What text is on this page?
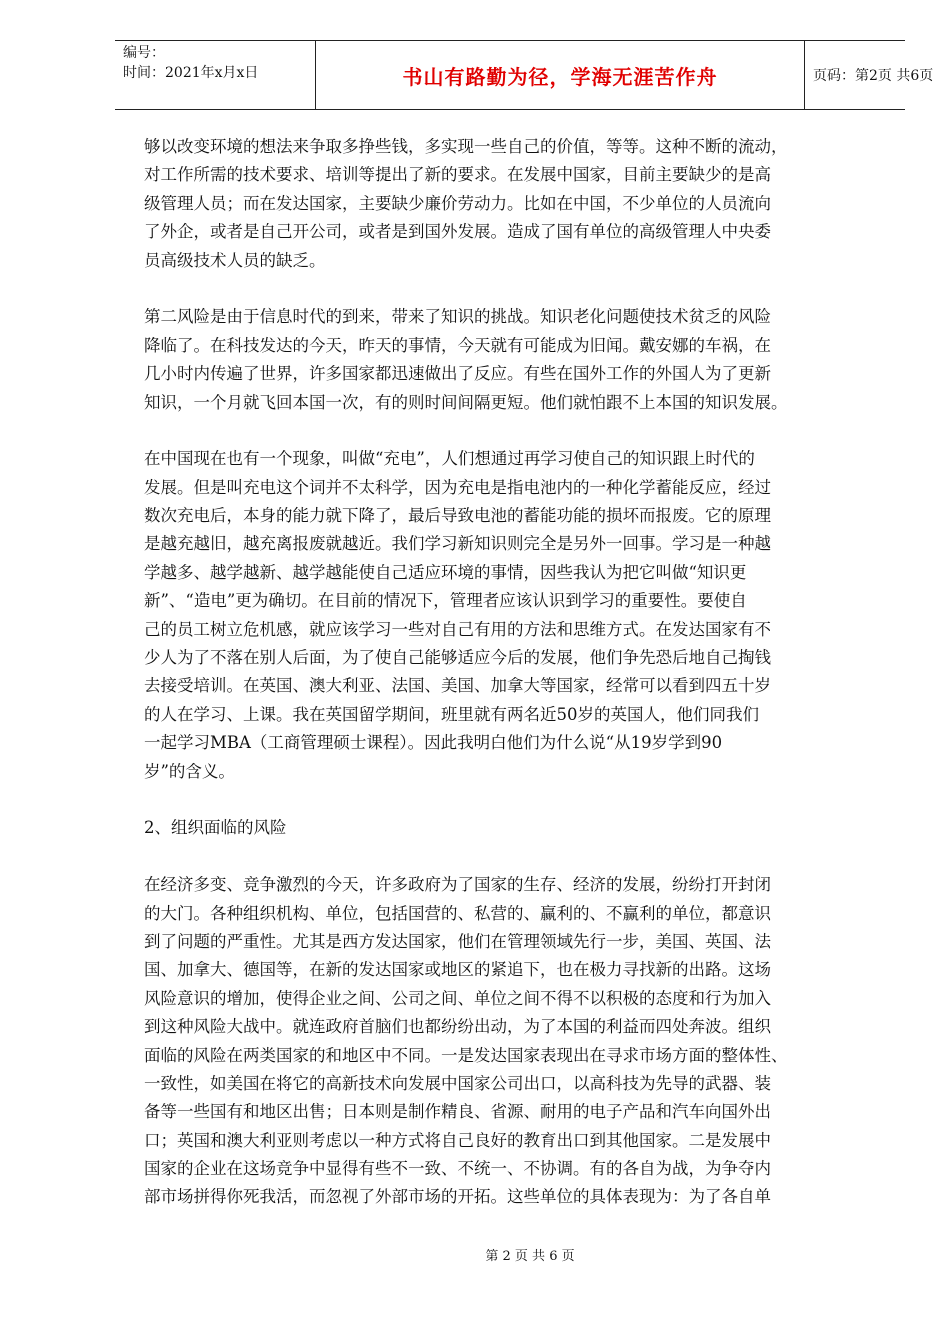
编号：
时间：2021年x月x日	书山有路勤为径，学海无涯苦作舟	页码：第2页 共6页
够以改变环境的想法来争取多挣些钱，多实现一些自己的价值，等等。这种不断的流动，
对工作所需的技术要求、培训等提出了新的要求。在发展中国家，目前主要缺少的是高
级管理人员；而在发达国家，主要缺少廉价劳动力。比如在中国，不少单位的人员流向
了外企，或者是自己开公司，或者是到国外发展。造成了国有单位的高级管理人中央委
员高级技术人员的缺乏。
第二风险是由于信息时代的到来，带来了知识的挑战。知识老化问题使技术贫乏的风险
降临了。在科技发达的今天，昨天的事情，今天就有可能成为旧闻。戴安娜的车祸，在
几小时内传遍了世界，许多国家都迅速做出了反应。有些在国外工作的外国人为了更新
知识，一个月就飞回本国一次，有的则时间间隔更短。他们就怕跟不上本国的知识发展。
在中国现在也有一个现象，叫做“充电”，人们想通过再学习使自己的知识跟上时代的
发展。但是叫充电这个词并不太科学，因为充电是指电池内的一种化学蓄能反应，经过
数次充电后，本身的能力就下降了，最后导致电池的蓄能功能的损坏而报废。它的原理
是越充越旧，越充离报废就越近。我们学习新知识则完全是另外一回事。学习是一种越
学越多、越学越新、越学越能使自己适应环境的事情，因些我认为把它叫做“知识更
新”、“造电”更为确切。在目前的情况下，管理者应该认识到学习的重要性。要使自
己的员工树立危机感，就应该学习一些对自己有用的方法和思维方式。在发达国家有不
少人为了不落在别人后面，为了使自己能够适应今后的发展，他们争先恐后地自己掏钱
去接受培训。在英国、澳大利亚、法国、美国、加拿大等国家，经常可以看到四五十岁
的人在学习、上课。我在英国留学期间，班里就有两名近50岁的英国人，他们同我们
一起学习MBA（工商管理硕士课程）。因此我明白他们为什么说“从19岁学到90
岁”的含义。
2、组织面临的风险
在经济多变、竞争激烈的今天，许多政府为了国家的生存、经济的发展，纷纷打开封闭
的大门。各种组织机构、单位，包括国营的、私营的、赢利的、不赢利的单位，都意识
到了问题的严重性。尤其是西方发达国家，他们在管理领域先行一步，美国、英国、法
国、加拿大、德国等，在新的发达国家或地区的紧追下，也在极力寻找新的出路。这场
风险意识的增加，使得企业之间、公司之间、单位之间不得不以积极的态度和行为加入
到这种风险大战中。就连政府首脑们也都纷纷出动，为了本国的利益而四处奔波。组织
面临的风险在两类国家的和地区中不同。一是发达国家表现出在寻求市场方面的整体性、
一致性，如美国在将它的高新技术向发展中国家公司出口，以高科技为先导的武器、装
备等一些国有和地区出售；日本则是制作精良、省源、耐用的电子产品和汽车向国外出
口；英国和澳大利亚则考虑以一种方式将自己良好的教育出口到其他国家。二是发展中
国家的企业在这场竞争中显得有些不一致、不统一、不协调。有的各自为战，为争夺内
部市场拼得你死我活，而忽视了外部市场的开拓。这些单位的具体表现为：为了各自单
第 2 页 共 6 页
